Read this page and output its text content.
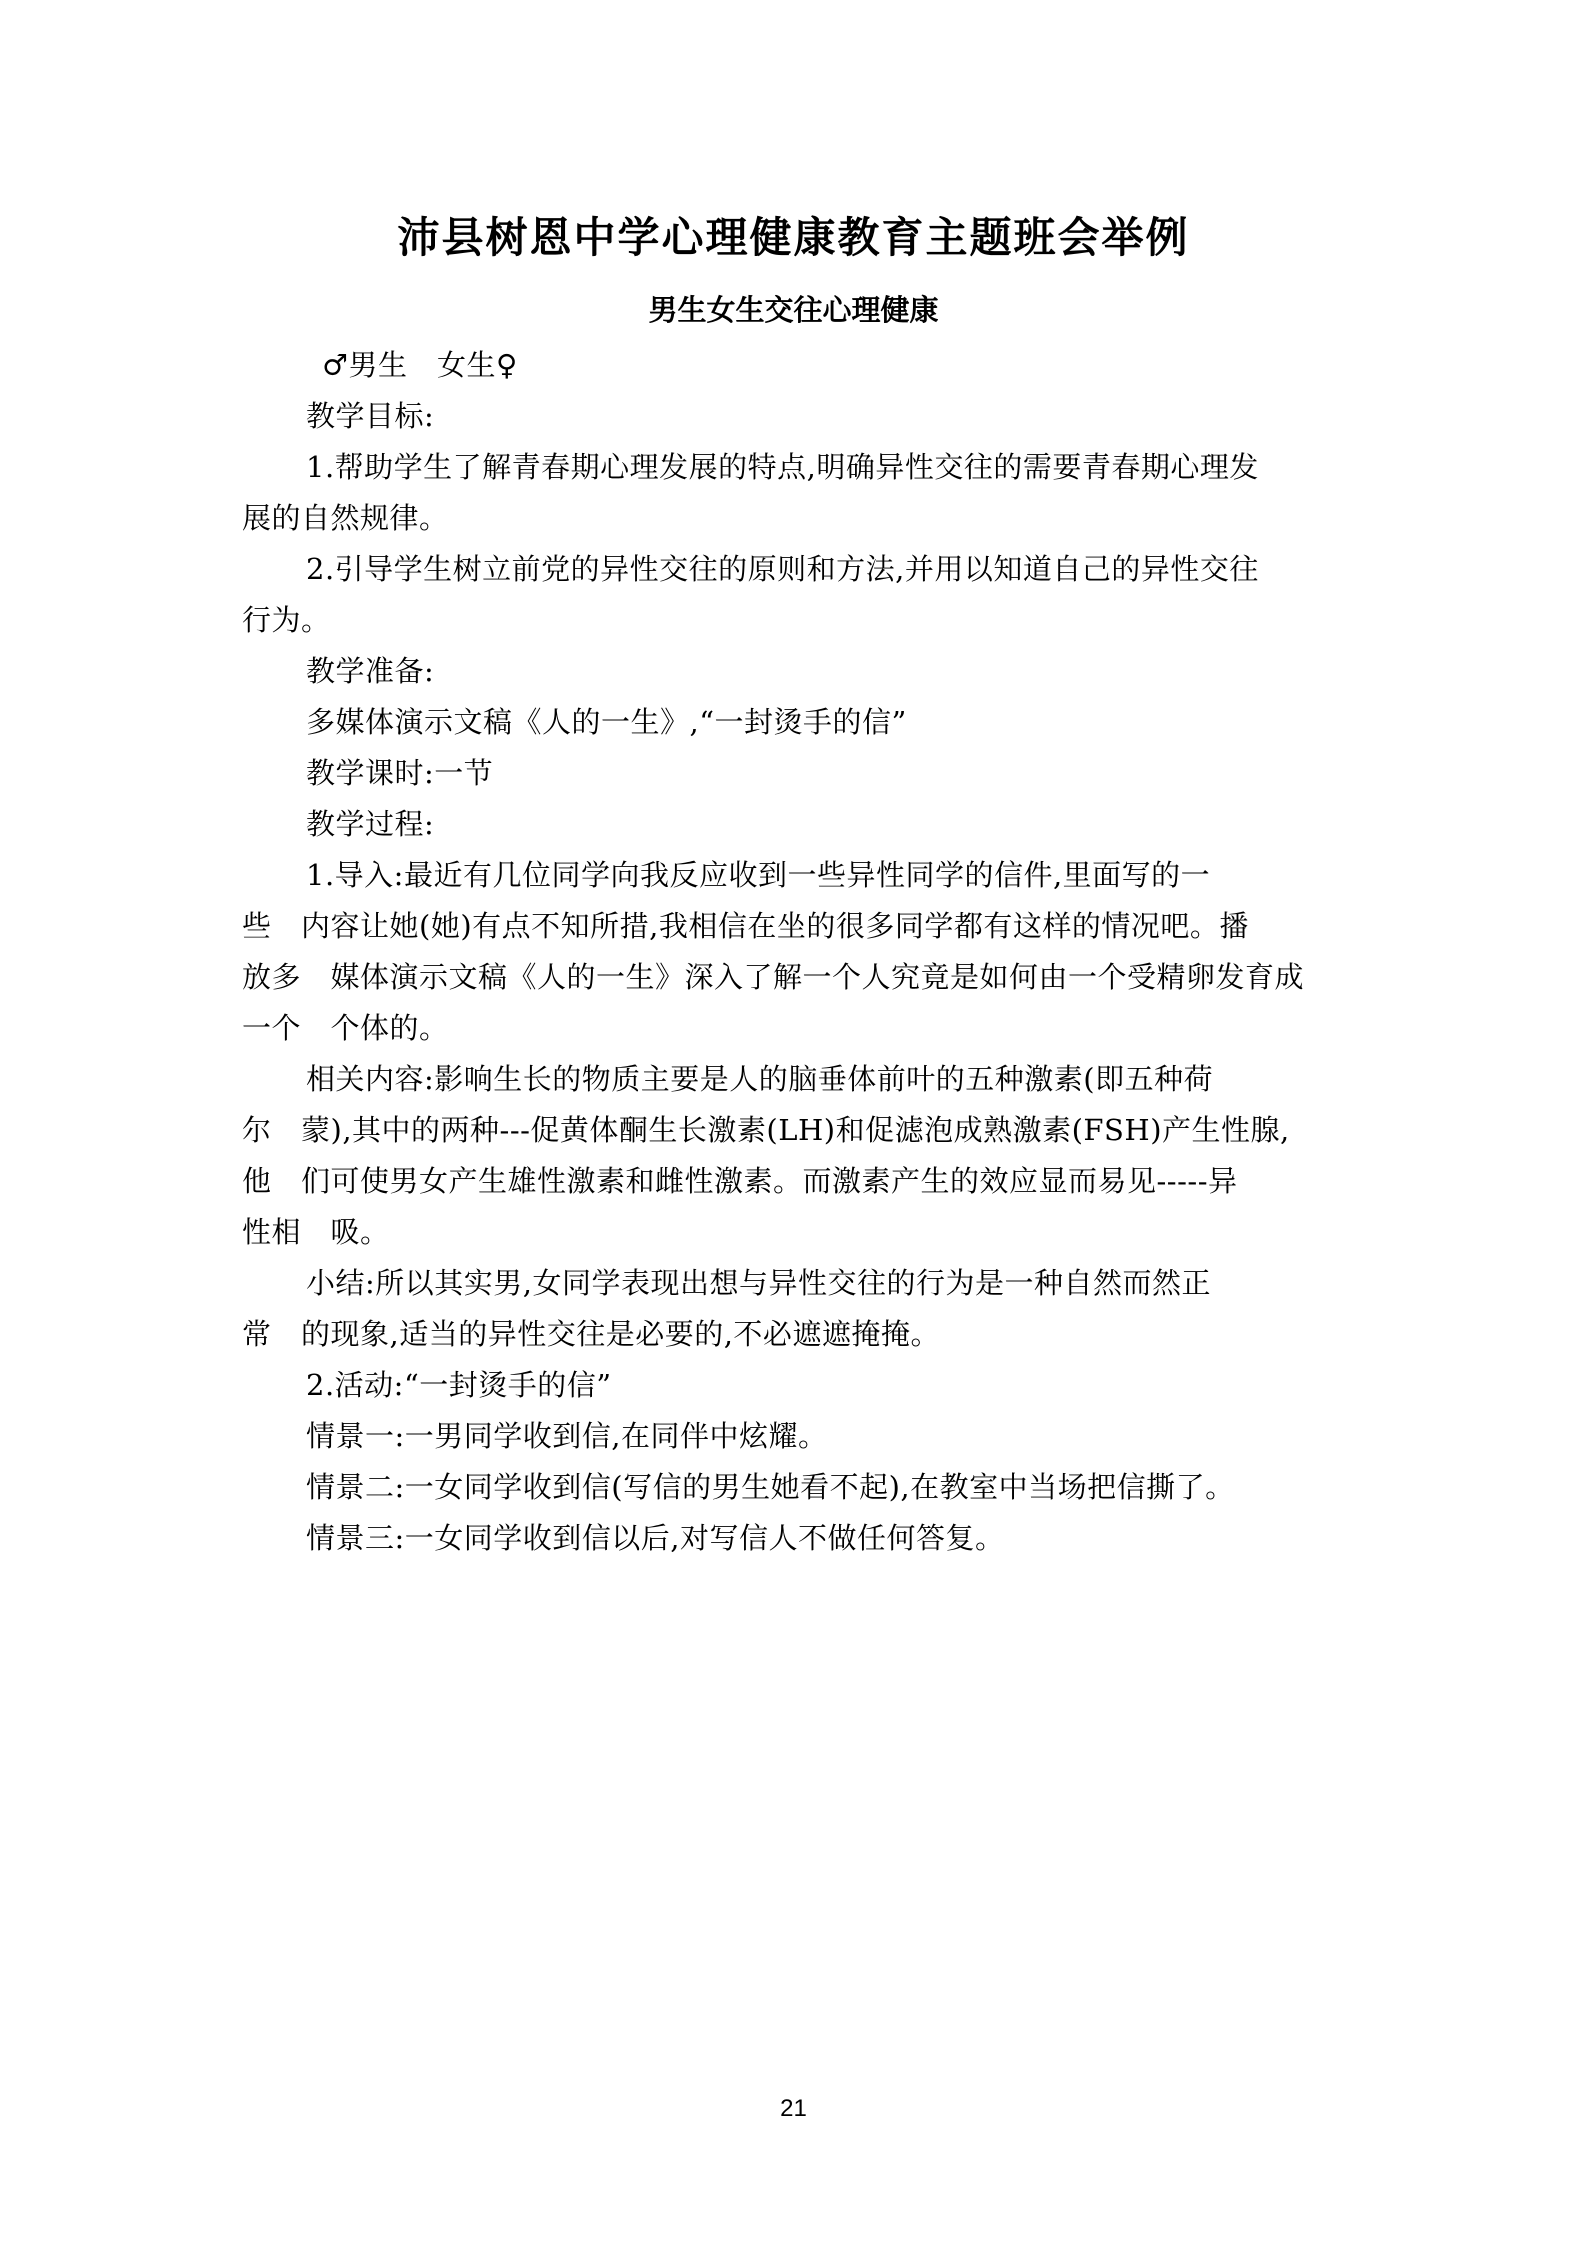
沛县树恩中学心理健康教育主题班会举例
男生女生交往心理健康
♂男生　女生♀
教学目标:
1.帮助学生了解青春期心理发展的特点,明确异性交往的需要青春期心理发
展的自然规律。
2.引导学生树立前党的异性交往的原则和方法,并用以知道自己的异性交往
行为。
教学准备:
多媒体演示文稿《人的一生》,“一封烫手的信”
教学课时:一节
教学过程:
1.导入:最近有几位同学向我反应收到一些异性同学的信件,里面写的一
些　内容让她(她)有点不知所措,我相信在坐的很多同学都有这样的情况吧。播
放多　媒体演示文稿《人的一生》深入了解一个人究竟是如何由一个受精卵发育成
一个　个体的。
相关内容:影响生长的物质主要是人的脑垂体前叶的五种激素(即五种荷
尔　蒙),其中的两种---促黄体酮生长激素(LH)和促滤泡成熟激素(FSH)产生性腺,
他　们可使男女产生雄性激素和雌性激素。而激素产生的效应显而易见-----异
性相　吸。
小结:所以其实男,女同学表现出想与异性交往的行为是一种自然而然正
常　的现象,适当的异性交往是必要的,不必遮遮掩掩。
2.活动:“一封烫手的信”
情景一:一男同学收到信,在同伴中炫耀。
情景二:一女同学收到信(写信的男生她看不起),在教室中当场把信撕了。
情景三:一女同学收到信以后,对写信人不做任何答复。
21
